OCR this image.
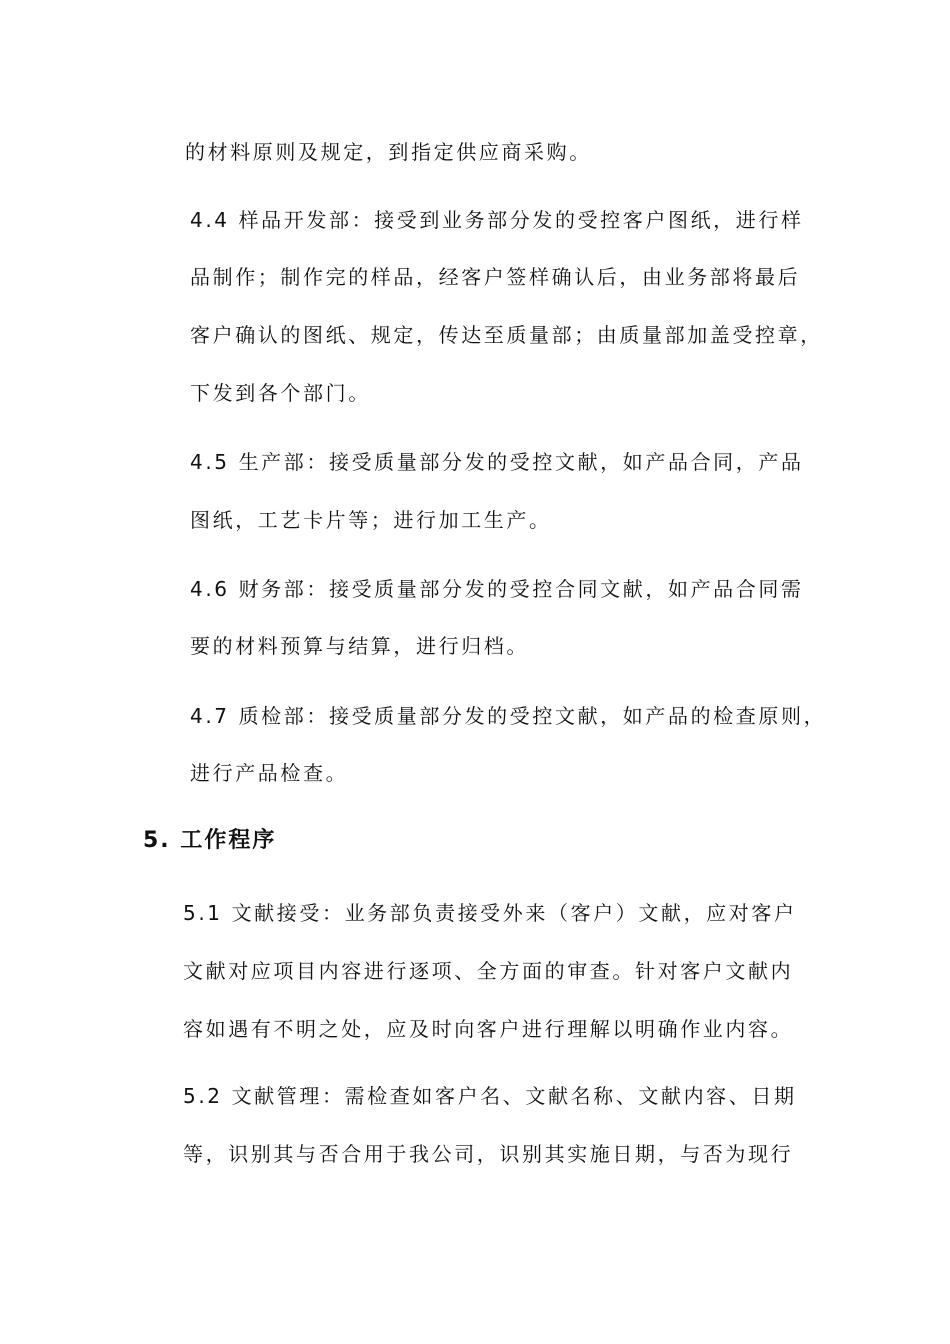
的材料原则及规定，到指定供应商采购。
4.4 样品开发部：接受到业务部分发的受控客户图纸，进行样
品制作；制作完的样品，经客户签样确认后，由业务部将最后
客户确认的图纸、规定，传达至质量部；由质量部加盖受控章，
下发到各个部门。
4.5 生产部：接受质量部分发的受控文献，如产品合同，产品
图纸，工艺卡片等；进行加工生产。
4.6 财务部：接受质量部分发的受控合同文献，如产品合同需
要的材料预算与结算，进行归档。
4.7 质检部：接受质量部分发的受控文献，如产品的检查原则，
进行产品检查。
5. 工作程序
5.1 文献接受：业务部负责接受外来（客户）文献，应对客户
文献对应项目内容进行逐项、全方面的审查。针对客户文献内
容如遇有不明之处，应及时向客户进行理解以明确作业内容。
5.2 文献管理：需检查如客户名、文献名称、文献内容、日期
等，识别其与否合用于我公司，识别其实施日期，与否为现行
